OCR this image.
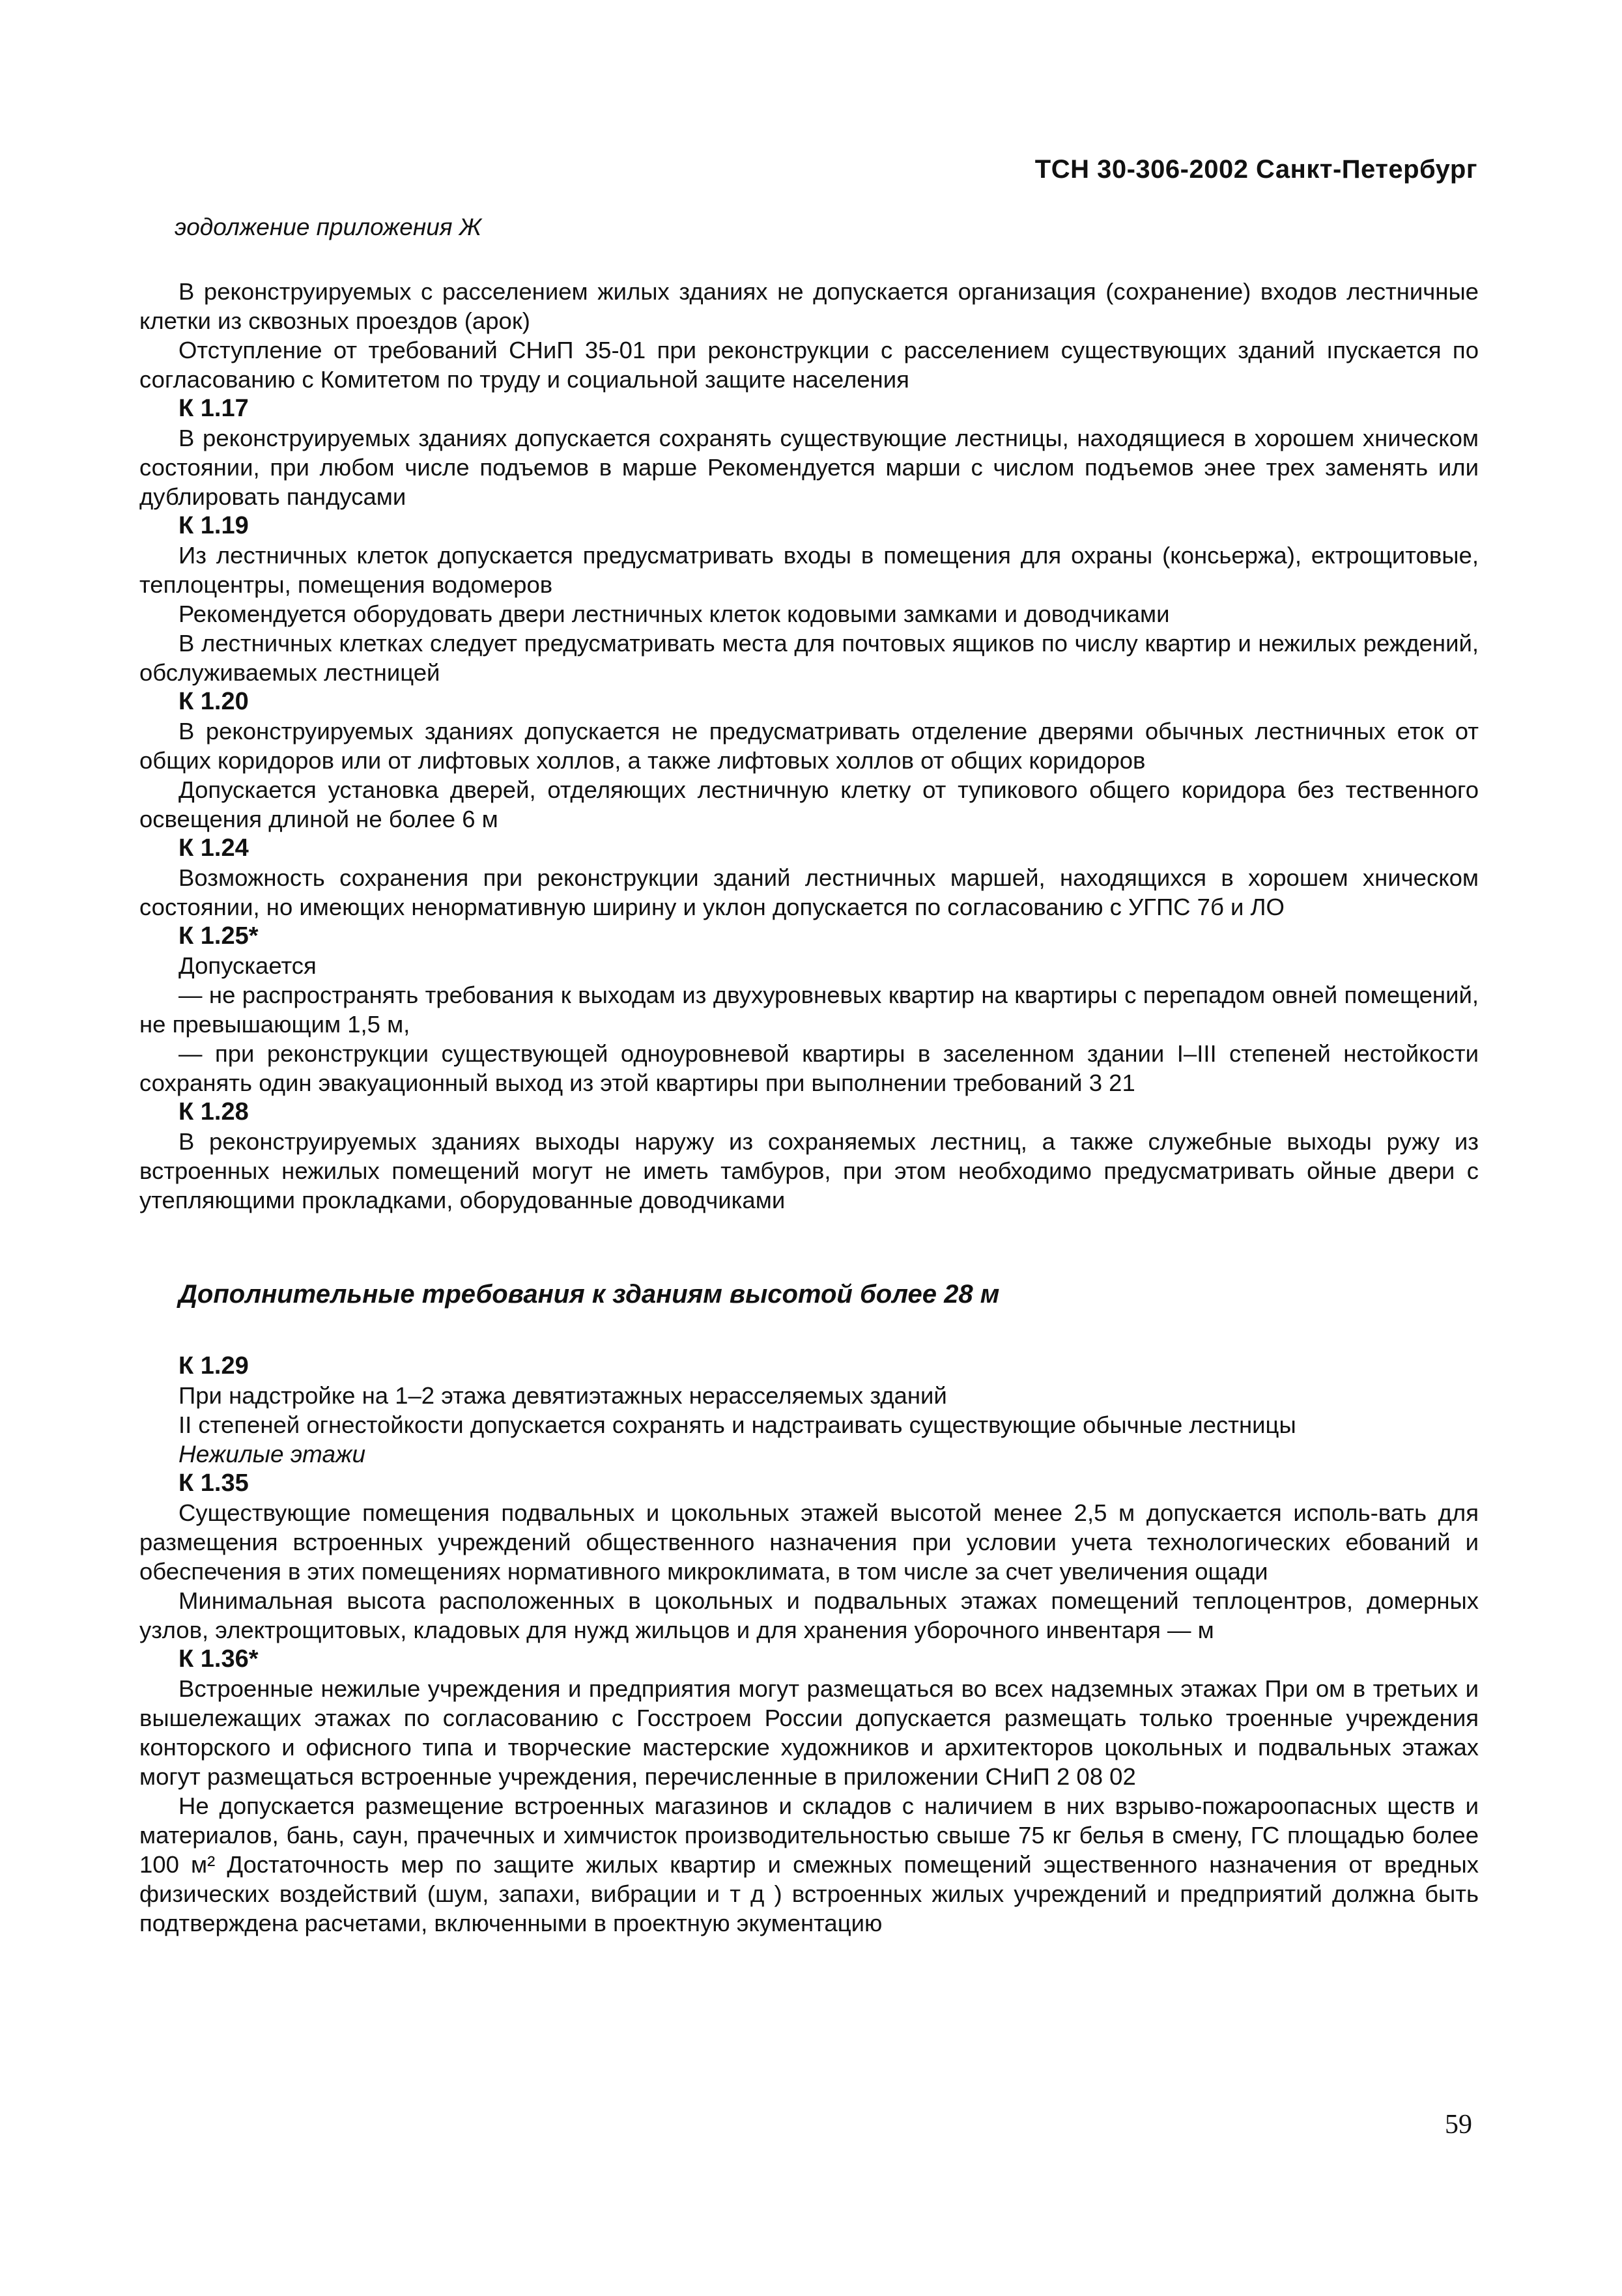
ТСН 30-306-2002 Санкт-Петербург
эодолжение приложения Ж
В реконструируемых с расселением жилых зданиях не допускается организация (сохранение) входов лестничные клетки из сквозных проездов (арок)
Отступление от требований СНиП 35-01 при реконструкции с расселением существующих зданий ıпускается по согласованию с Комитетом по труду и социальной защите населения
К 1.17
В реконструируемых зданиях допускается сохранять существующие лестницы, находящиеся в хорошем хническом состоянии, при любом числе подъемов в марше Рекомендуется марши с числом подъемов энее трех заменять или дублировать пандусами
К 1.19
Из лестничных клеток допускается предусматривать входы в помещения для охраны (консьержа), ектрощитовые, теплоцентры, помещения водомеров
Рекомендуется оборудовать двери лестничных клеток кодовыми замками и доводчиками
В лестничных клетках следует предусматривать места для почтовых ящиков по числу квартир и нежилых реждений, обслуживаемых лестницей
К 1.20
В реконструируемых зданиях допускается не предусматривать отделение дверями обычных лестничных еток от общих коридоров или от лифтовых холлов, а также лифтовых холлов от общих коридоров
Допускается установка дверей, отделяющих лестничную клетку от тупикового общего коридора без тественного освещения длиной не более 6 м
К 1.24
Возможность сохранения при реконструкции зданий лестничных маршей, находящихся в хорошем хническом состоянии, но имеющих ненормативную ширину и уклон допускается по согласованию с УГПС 7б и ЛО
К 1.25*
Допускается
— не распространять требования к выходам из двухуровневых квартир на квартиры с перепадом овней помещений, не превышающим 1,5 м,
— при реконструкции существующей одноуровневой квартиры в заселенном здании I–III степеней нестойкости сохранять один эвакуационный выход из этой квартиры при выполнении требований 3 21
К 1.28
В реконструируемых зданиях выходы наружу из сохраняемых лестниц, а также служебные выходы ружу из встроенных нежилых помещений могут не иметь тамбуров, при этом необходимо предусматривать ойные двери с утепляющими прокладками, оборудованные доводчиками
Дополнительные требования к зданиям высотой более 28 м
К 1.29
При надстройке на 1–2 этажа девятиэтажных нерасселяемых зданий
II степеней огнестойкости допускается сохранять и надстраивать существующие обычные лестницы
Нежилые этажи
К 1.35
Существующие помещения подвальных и цокольных этажей высотой менее 2,5 м допускается исполь-вать для размещения встроенных учреждений общественного назначения при условии учета технологических ебований и обеспечения в этих помещениях нормативного микроклимата, в том числе за счет увеличения ощади
Минимальная высота расположенных в цокольных и подвальных этажах помещений теплоцентров, домерных узлов, электрощитовых, кладовых для нужд жильцов и для хранения уборочного инвентаря — м
К 1.36*
Встроенные нежилые учреждения и предприятия могут размещаться во всех надземных этажах При ом в третьих и вышележащих этажах по согласованию с Госстроем России допускается размещать только троенные учреждения конторского и офисного типа и творческие мастерские художников и архитекторов цокольных и подвальных этажах могут размещаться встроенные учреждения, перечисленные в приложении СНиП 2 08 02
Не допускается размещение встроенных магазинов и складов с наличием в них взрыво-пожароопасных ществ и материалов, бань, саун, прачечных и химчисток производительностью свыше 75 кг белья в смену, ГС площадью более 100 м² Достаточность мер по защите жилых квартир и смежных помещений эщественного назначения от вредных физических воздействий (шум, запахи, вибрации и т д ) встроенных жилых учреждений и предприятий должна быть подтверждена расчетами, включенными в проектную экументацию
59
